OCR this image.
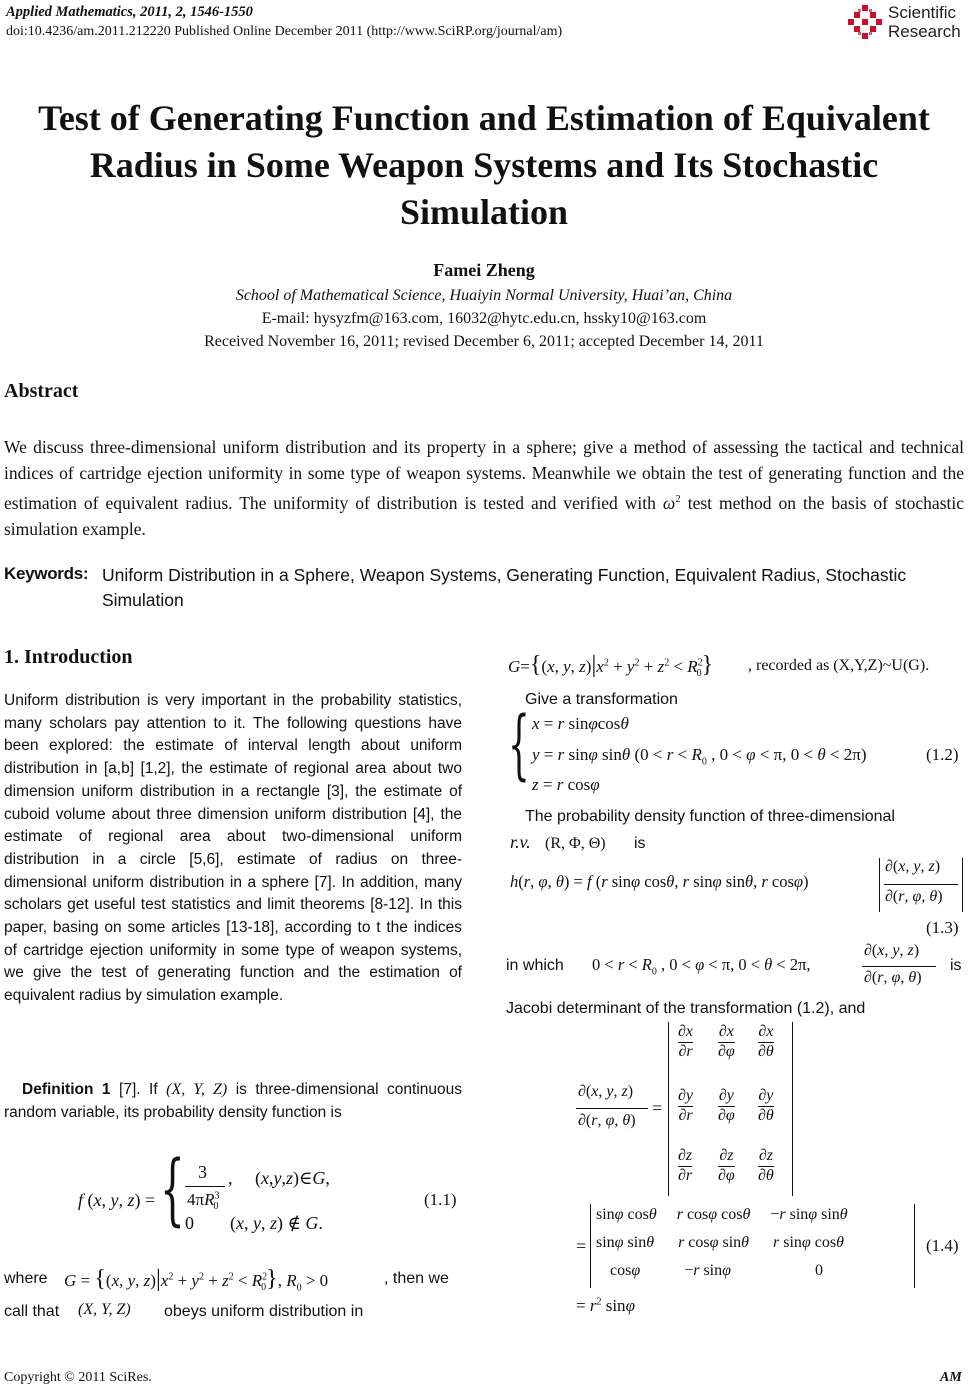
Applied Mathematics, 2011, 2, 1546-1550
doi:10.4236/am.2011.212220 Published Online December 2011 (http://www.SciRP.org/journal/am)
Scientific
Research
Test of Generating Function and Estimation of Equivalent
Radius in Some Weapon Systems and Its Stochastic
Simulation
Famei Zheng
School of Mathematical Science, Huaiyin Normal University, Huai’an, China
E-mail: hysyzfm@163.com, 16032@hytc.edu.cn, hssky10@163.com
Received November 16, 2011; revised December 6, 2011; accepted December 14, 2011
Abstract
We discuss three-dimensional uniform distribution and its property in a sphere; give a method of assessing the tactical and technical indices of cartridge ejection uniformity in some type of weapon systems. Meanwhile we obtain the test of generating function and the estimation of equivalent radius. The uniformity of distribution is tested and verified with $\omega^2$ test method on the basis of stochastic simulation example.
Keywords: Uniform Distribution in a Sphere, Weapon Systems, Generating Function, Equivalent Radius, Stochastic Simulation
1. Introduction
Uniform distribution is very important in the probability statistics, many scholars pay attention to it. The following questions have been explored: the estimate of interval length about uniform distribution in [a,b] [1,2], the estimate of regional area about two dimension uniform distribution in a rectangle [3], the estimate of cuboid volume about three dimension uniform distribution [4], the estimate of regional area about two-dimensional uniform distribution in a circle [5,6], estimate of radius on three-dimensional uniform distribution in a sphere [7]. In addition, many scholars get useful test statistics and limit theorems [8-12]. In this paper, basing on some articles [13-18], according to t the indices of cartridge ejection uniformity in some type of weapon systems, we give the test of generating function and the estimation of equivalent radius by simulation example.
Definition 1 [7]. If (X, Y, Z) is three-dimensional continuous random variable, its probability density function is
f (x, y, z) = { 3
$4\pi R^3_0$
,     (x,y,z)∈G,
0        (x, y, z) ∉ G.
(1.1)
where G = {(x, y, $z)|x^2 + y^2 + z^2 < R^2_0$}, $R_0 > 0$	, then we
call that (X, Y, Z) obeys uniform distribution in
G={(x, y, $z)|x^2 + y^2 + z^2 < R^2_0$} , recorded as (X,Y,Z)~U(G).
Give a transformation
{ x = r sinφcosθ
y = r sinφ sinθ ($0 < r < R_0$ , 0 < φ < π, 0 < θ < 2π)
z = r cosφ
(1.2)
The probability density function of three-dimensional
r.v. (R, Φ, Θ) is
h(r, φ, θ) = f (r sinφ cosθ, r sinφ sinθ, r cosφ)
∂(x, y, z)
∂(r, φ, θ)
(1.3)
in which $0 < r < R_0$ , 0 < φ < π, 0 < θ < 2π,
∂(x, y, z)
∂(r, φ, θ)
is
Jacobi determinant of the transformation (1.2), and
∂(x, y, z)
∂(r, φ, θ)
=
∂x
∂r
∂x
∂φ
∂x
∂θ
∂y
∂r
∂y
∂φ
∂y
∂θ
∂z
∂r
∂z
∂φ
∂z
∂θ
=
sinφ cosθ r cosφ cosθ     −r sinφ sinθ
sinφ sinθ r cosφ sinθ r sinφ cosθ
cosφ           −r sinφ                     0
(1.4)
= $r^2$ sinφ
Copyright © 2011 SciRes.	AM
